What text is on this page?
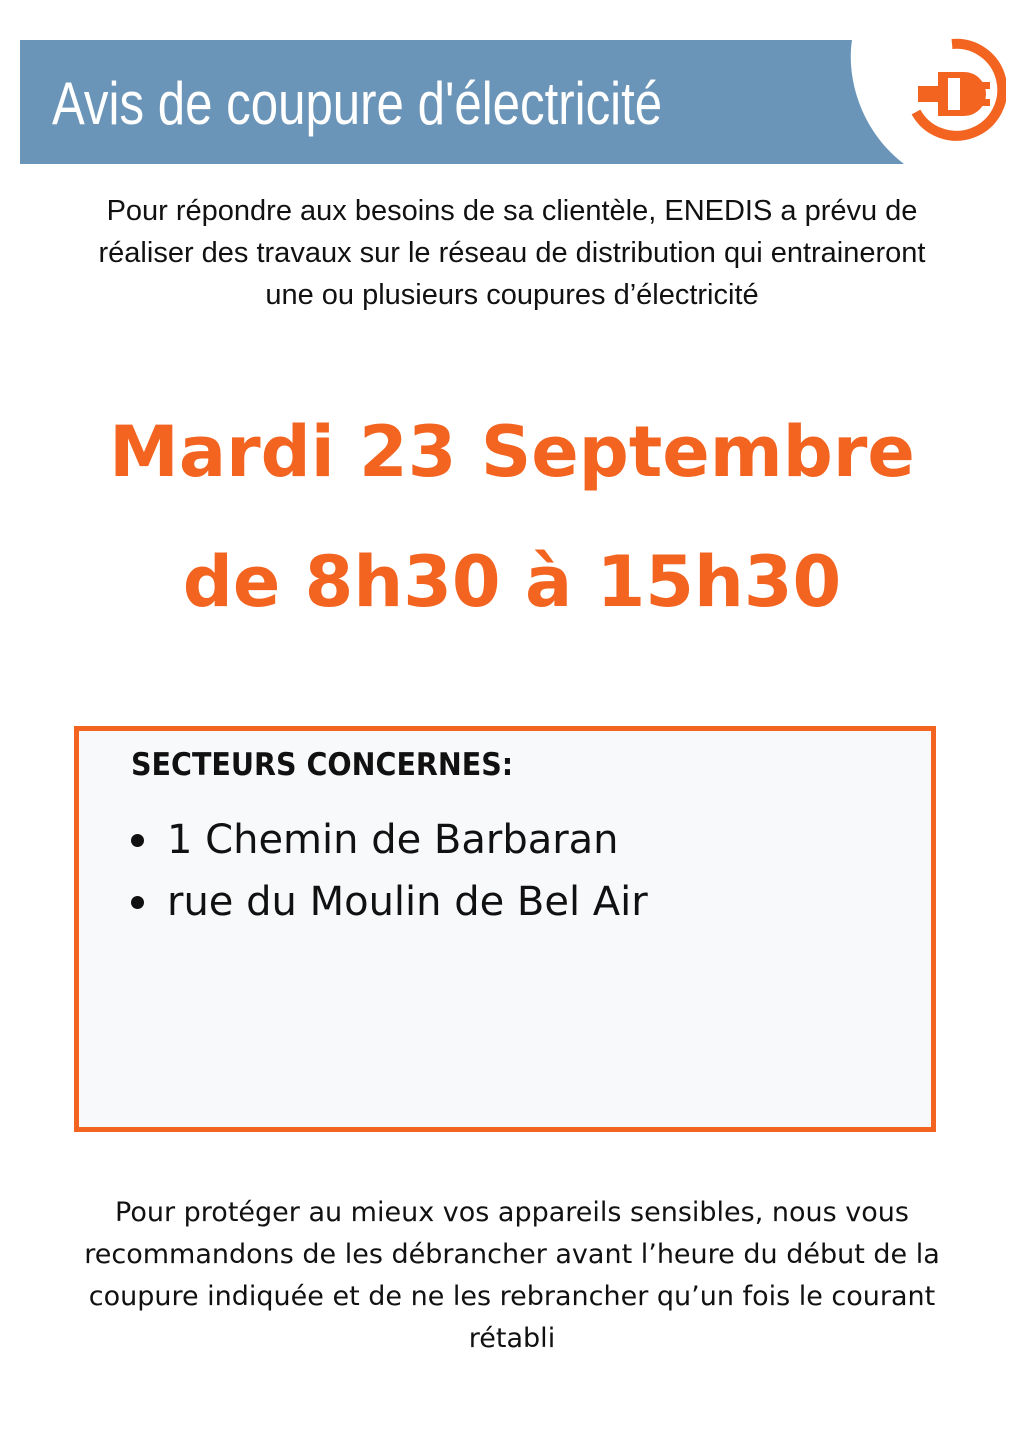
Avis de coupure d'électricité
Pour répondre aux besoins de sa clientèle, ENEDIS a prévu de réaliser des travaux sur le réseau de distribution qui entraineront une ou plusieurs coupures d’électricité
Mardi 23 Septembre
de 8h30 à 15h30
SECTEURS CONCERNES:
1 Chemin de Barbaran
rue du Moulin de Bel Air
Pour protéger au mieux vos appareils sensibles, nous vous recommandons de les débrancher avant l’heure du début de la coupure indiquée et de ne les rebrancher qu’un fois le courant rétabli
